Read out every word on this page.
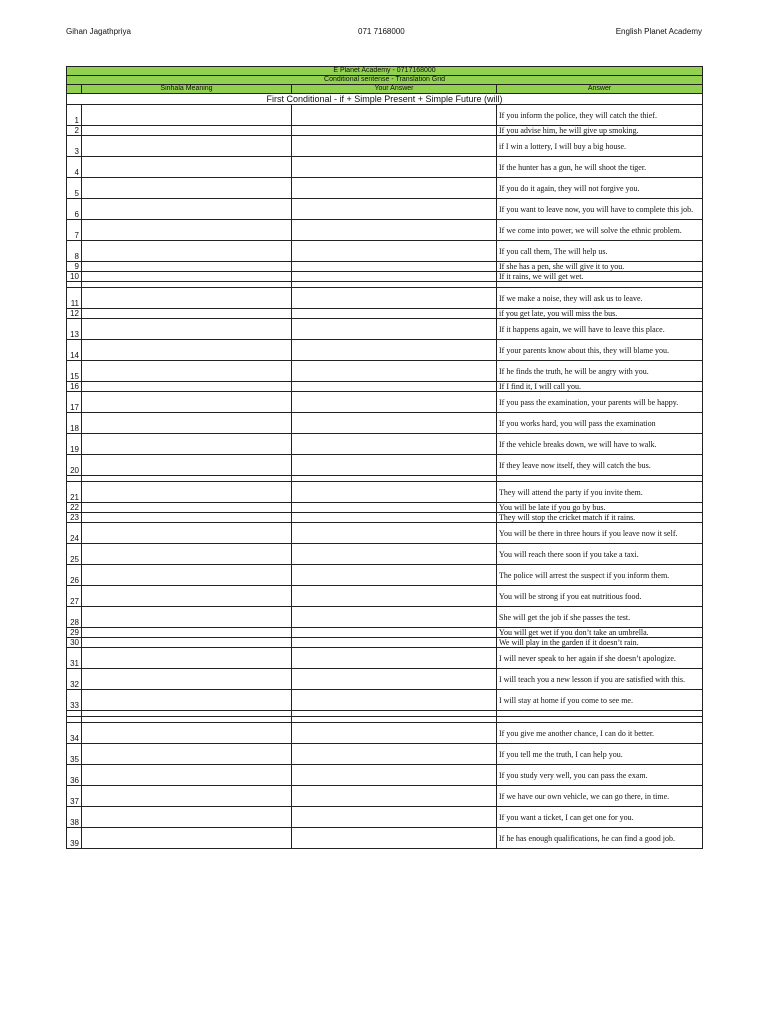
Gihan Jagathpriya	071 7168000	English Planet Academy
E Planet Academy - 0717168000			
Conditional sentense - Translation Grid			
	Sinhala Meaning	Your Answer	Answer
First Conditional - if + Simple Present + Simple Future (will)			
1			If you inform the police, they will catch the thief.
2			If you advise him, he will give up smoking.
3			if I win a lottery, I will buy a big house.
4			If the hunter has a gun, he will shoot the tiger.
5			If you do it again, they will not forgive you.
6			If you want to leave now, you will have to complete this job.
7			If we come into power, we will solve the ethnic problem.
8			If you call them, The will help us.
9			If she has a pen, she will give it to you.
10			If it rains, we will get wet.

11			If we make a noise, they will ask us to leave.
12			if you get late, you will miss the bus.
13			If it happens again, we will have to leave this place.
14			If your parents know about this, they will blame you.
15			If he finds the truth, he will be angry with you.
16			If I find it, I will call you.
17			If you pass the examination, your parents will be happy.
18			If you works hard, you will pass the examination
19			If the vehicle breaks down, we will have to walk.
20			If they leave now itself, they will catch the bus.

21			They will attend the party if you invite them.
22			You will be late if you go by bus.
23			They will stop the cricket match if it rains.
24			You will be there in three hours if you leave now it self.
25			You will reach there soon if you take a taxi.
26			The police will arrest the suspect if you inform them.
27			You will be strong if you eat nutritious food.
28			She will get the job if she passes the test.
29			You will get wet if you don’t take an umbrella.
30			We will play in the garden if it doesn’t rain.
31			I will never speak to her again if she doesn’t apologize.
32			I will teach you a new lesson if you are satisfied with this.
33			I will stay at home if you come to see me.

34			If you give me another chance, I can do it better.
35			If you tell me the truth, I can help you.
36			If you study very well, you can pass the exam.
37			If we have our own vehicle, we can go there, in time.
38			If you want a ticket, I can get one for you.
39			If he has enough qualifications, he can find a good job.
